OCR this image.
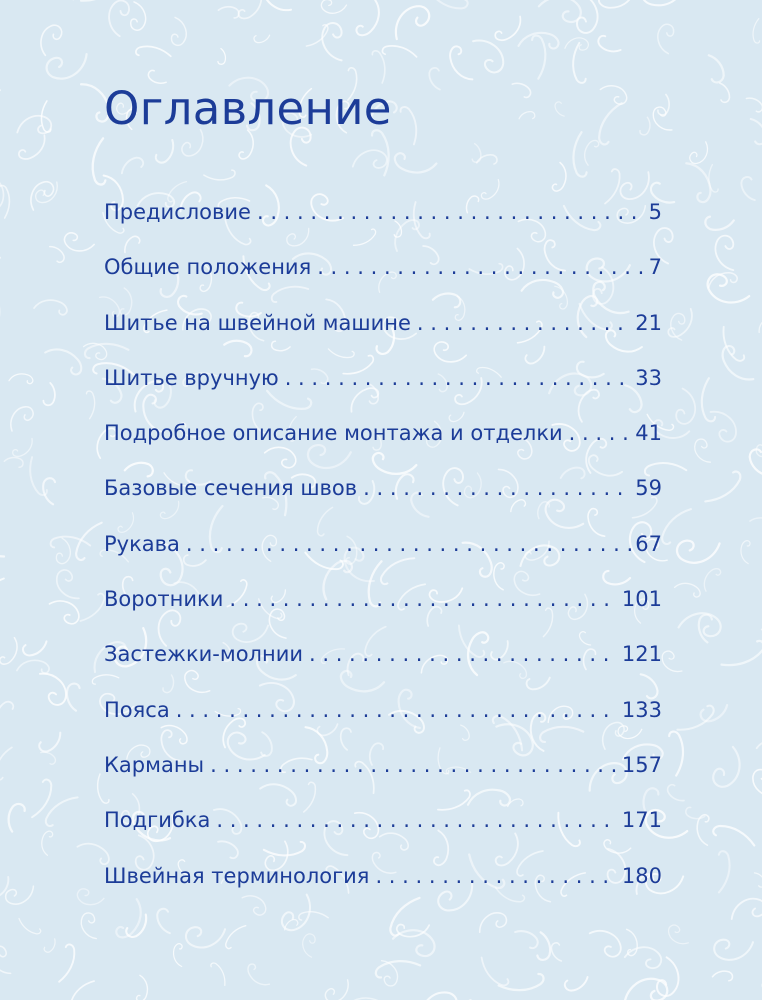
Оглавление
Предисловие . . .	5
Общие положения . . .	7
Шитье на швейной машине . . .	21
Шитье вручную . . .	33
Подробное описание монтажа и отделки . . .	41
Базовые сечения швов . . .	59
Рукава . . .	67
Воротники . . .	101
Застежки-молнии . . .	121
Пояса . . .	133
Карманы . . .	157
Подгибка . . .	171
Швейная терминология . . .	180
